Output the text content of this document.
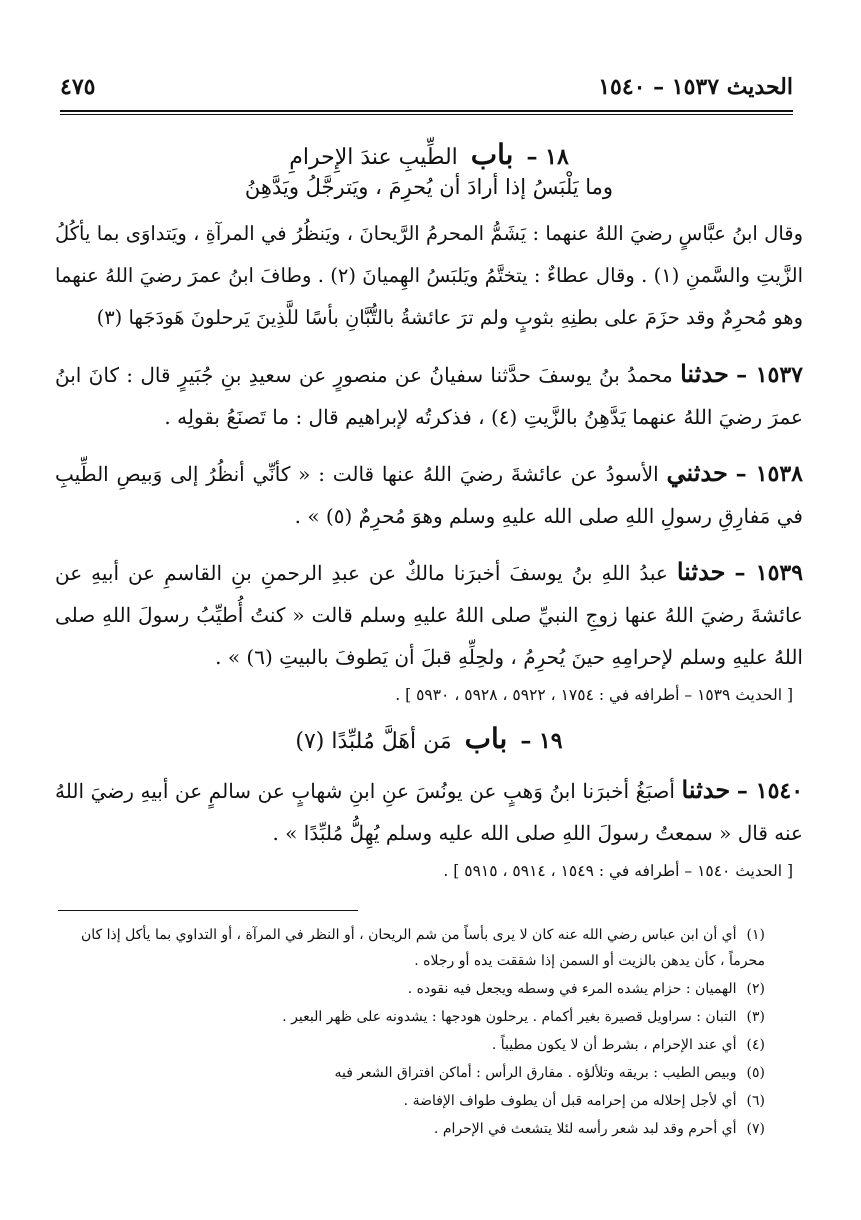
٤٧٥	الحديث ١٥٣٧ – ١٥٤٠
١٨ – باب الطِّيبِ عندَ الإِحرامِ
وما يَلْبَسُ إذا أرادَ أن يُحرِمَ ، ويَترجَّلُ ويَدَّهِنُ

وقال ابنُ عبَّاسٍ رضيَ اللهُ عنهما : يَشَمُّ المحرمُ الرَّيحانَ ، ويَنظُرُ في المرآةِ ، ويَتداوَى بما يأكُلُ الزَّيتِ والسَّمنِ (١) . وقال عطاءٌ : يتختَّمُ ويَلبَسُ الهِميانَ (٢) . وطافَ ابنُ عمرَ رضيَ اللهُ عنهما وهو مُحرِمٌ وقد حزَمَ على بطنِهِ بثوبٍ ولم ترَ عائشةُ بالتُّبَّانِ بأسًا للَّذِينَ يَرحلونَ هَودَجَها (٣)

١٥٣٧ – حدثنا محمدُ بنُ يوسفَ حدَّثنا سفيانُ عن منصورٍ عن سعيدِ بنِ جُبَيرٍ قال : كانَ ابنُ عمرَ رضيَ اللهُ عنهما يَدَّهِنُ بالزَّيتِ (٤) ، فذكرتُه لإبراهيم قال : ما تَصنَعُ بقولِه .

١٥٣٨ – حدثني الأسودُ عن عائشةَ رضيَ اللهُ عنها قالت : « كأنِّي أنظُرُ إلى وَبيصِ الطِّيبِ في مَفارِقِ رسولِ اللهِ صلى الله عليهِ وسلم وهوَ مُحرِمٌ (٥) » .

١٥٣٩ – حدثنا عبدُ اللهِ بنُ يوسفَ أخبرَنا مالكٌ عن عبدِ الرحمنِ بنِ القاسمِ عن أبيهِ عن عائشةَ رضيَ اللهُ عنها زوجِ النبيِّ صلى اللهُ عليهِ وسلم قالت « كنتُ أُطيِّبُ رسولَ اللهِ صلى اللهُ عليهِ وسلم لإحرامِهِ حينَ يُحرِمُ ، ولحِلِّهِ قبلَ أن يَطوفَ بالبيتِ (٦) » .

[ الحديث ١٥٣٩ – أطرافه في : ١٧٥٤ ، ٥٩٢٢ ، ٥٩٢٨ ، ٥٩٣٠ ] .
١٩ – باب مَن أهَلَّ مُلبِّدًا (٧)

١٥٤٠ – حدثنا أصبَغُ أخبرَنا ابنُ وَهبٍ عن يونُسَ عنِ ابنِ شهابٍ عن سالمٍ عن أبيهِ رضيَ اللهُ عنه قال « سمعتُ رسولَ اللهِ صلى الله عليه وسلم يُهِلُّ مُلبِّدًا » .

[ الحديث ١٥٤٠ – أطرافه في : ١٥٤٩ ، ٥٩١٤ ، ٥٩١٥ ] .
(١)أي أن ابن عباس رضي الله عنه كان لا يرى بأساً من شم الريحان ، أو النظر في المرآة ، أو التداوي بما يأكل إذا كان محرماً ، كأن يدهن بالزيت أو السمن إذا شققت يده أو رجلاه .
(٢)الهميان : حزام يشده المرء في وسطه ويجعل فيه نقوده .
(٣)التبان : سراويل قصيرة بغير أكمام . يرحلون هودجها : يشدونه على ظهر البعير .
(٤)أي عند الإحرام ، بشرط أن لا يكون مطيباً .
(٥)وبيص الطيب : بريقه وتلألؤه . مفارق الرأس : أماكن افتراق الشعر فيه
(٦)أي لأجل إحلاله من إحرامه قبل أن يطوف طواف الإفاضة .
(٧)أي أحرم وقد لبد شعر رأسه لئلا يتشعث في الإحرام .
